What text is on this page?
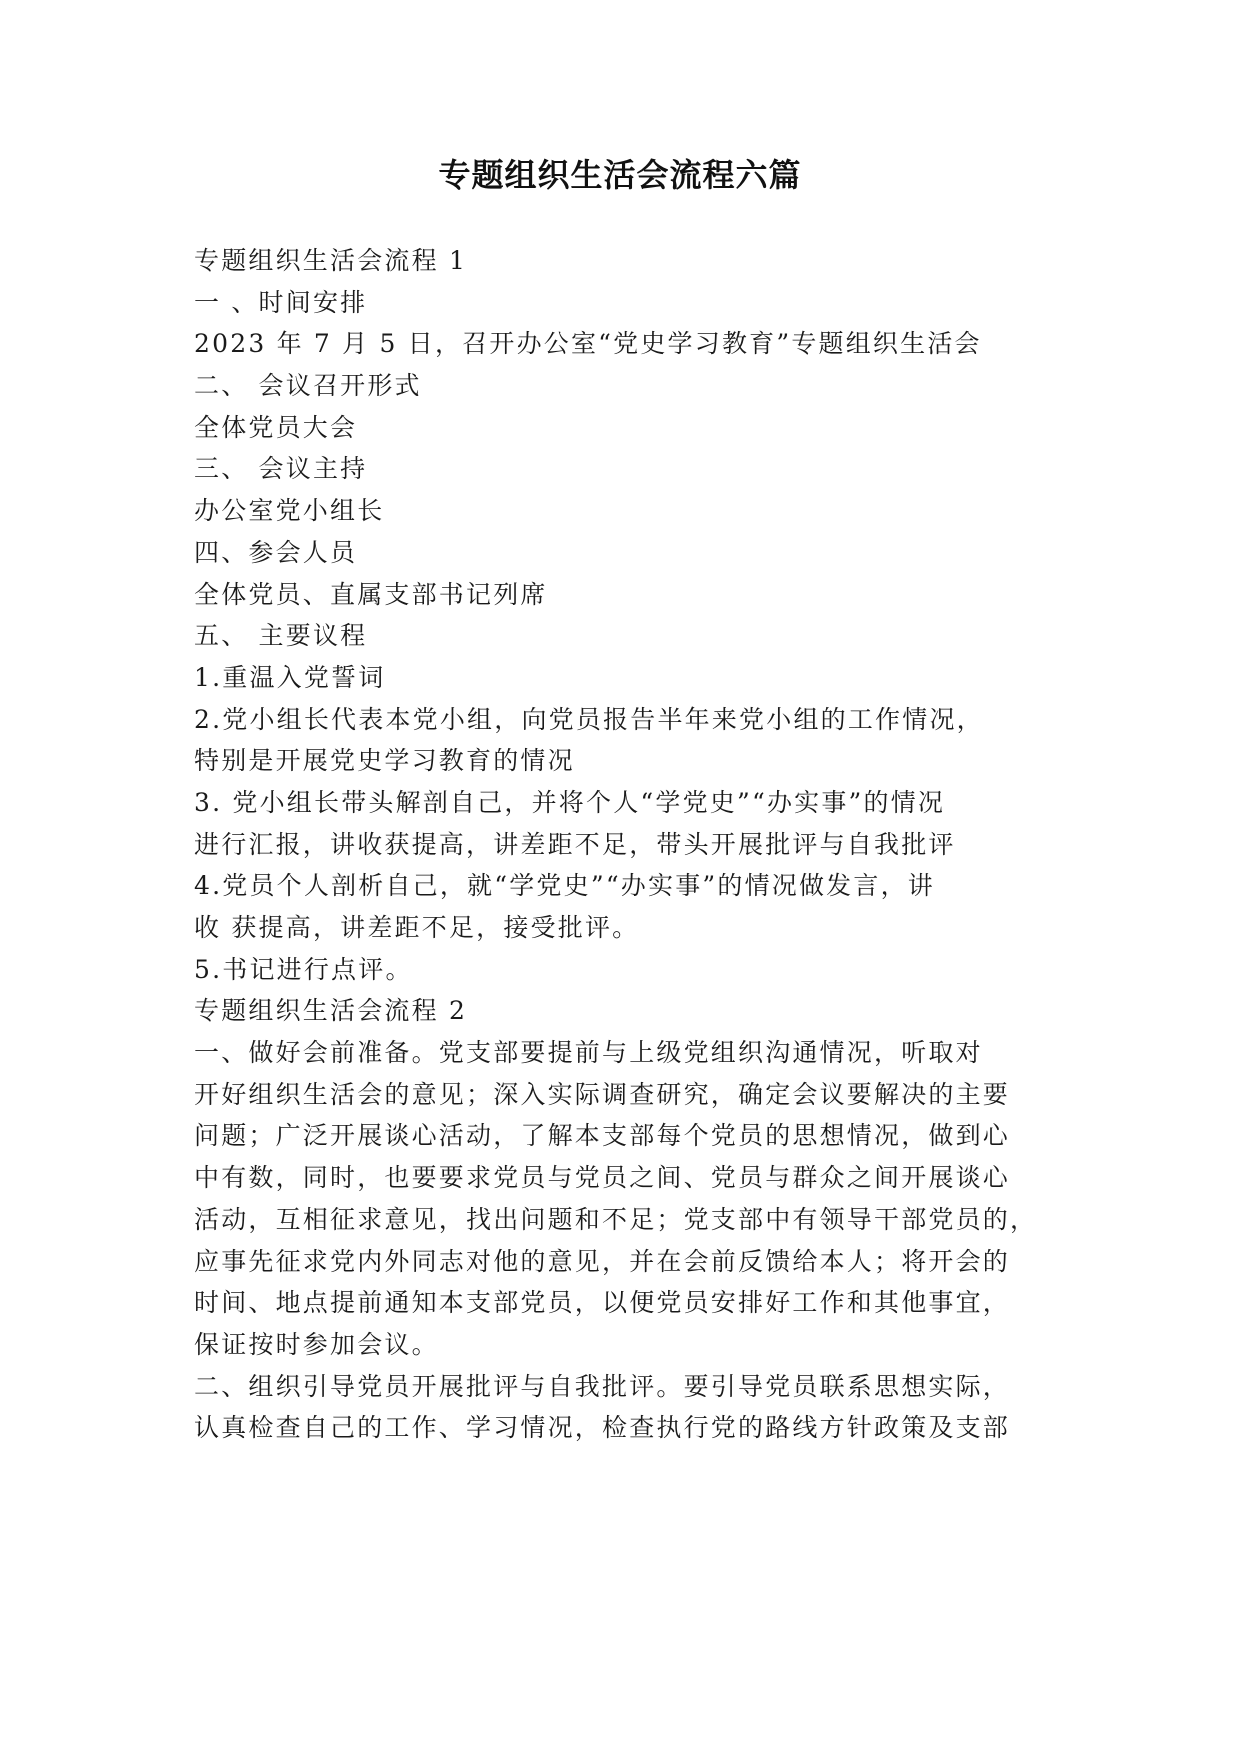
专题组织生活会流程六篇
专题组织生活会流程 1
一 、时间安排
2023 年 7 月 5 日，召开办公室“党史学习教育”专题组织生活会
二、 会议召开形式
全体党员大会
三、 会议主持
办公室党小组长
四、参会人员
全体党员、直属支部书记列席
五、 主要议程
1.重温入党誓词
2.党小组长代表本党小组，向党员报告半年来党小组的工作情况，
特别是开展党史学习教育的情况
3. 党小组长带头解剖自己，并将个人“学党史”“办实事”的情况
进行汇报，讲收获提高，讲差距不足，带头开展批评与自我批评
4.党员个人剖析自己，就“学党史”“办实事”的情况做发言，讲
收 获提高，讲差距不足，接受批评。
5.书记进行点评。
专题组织生活会流程 2
一、做好会前准备。党支部要提前与上级党组织沟通情况，听取对
开好组织生活会的意见；深入实际调查研究，确定会议要解决的主要
问题；广泛开展谈心活动，了解本支部每个党员的思想情况，做到心
中有数，同时，也要要求党员与党员之间、党员与群众之间开展谈心
活动，互相征求意见，找出问题和不足；党支部中有领导干部党员的，
应事先征求党内外同志对他的意见，并在会前反馈给本人；将开会的
时间、地点提前通知本支部党员，以便党员安排好工作和其他事宜，
保证按时参加会议。
二、组织引导党员开展批评与自我批评。要引导党员联系思想实际，
认真检查自己的工作、学习情况，检查执行党的路线方针政策及支部
